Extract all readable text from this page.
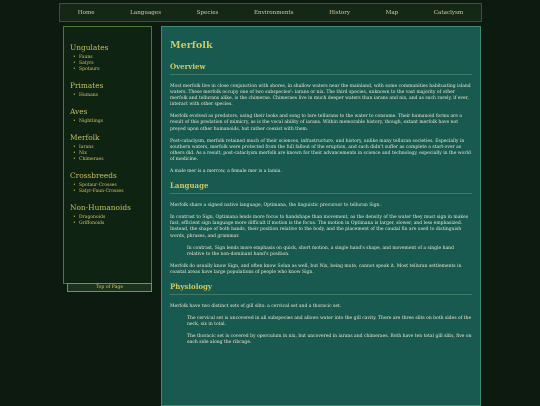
Home	Languages	Species	Environments	History	Map	Cataclysm
Ungulates
• Fauns
• Satyrs
• Spotaurs
Primates
• Humans
Aves
• Nightlings
Merfolk
• Iarans
• Nix
• Chimeraes
Crossbreeds
• Spotaur-Crosses
• Satyr-Faun-Crosses
Non-Humanoids
• Dragonoids
• Griffonoids
Top of Page
Merfolk
Overview

Most merfolk live in close conjunction with shores, in shallow waters near the mainland, with some communities habituating island waters. These merfolk occupy one of two subspecies¹: iarans or nix. The third species, unknown to the vast majority of other merfolk and tellurans alike, is the chimerae. Chimeraes live in much deeper waters than iarans and nix, and as such rarely, if ever, interact with other species.

Merfolk evolved as predators, using their looks and song to lure tellurans to the water to consume. Their humanoid forms are a result of this predation of mimicry, as is the vocal ability of iarans. Within memorable history, though, extant merfolk have not preyed upon other humanoids, but rather coexist with them.

Post-cataclysm, merfolk retained much of their sciences, infrastructure, and history, unlike many telluran societies. Especially in southern waters, merfolk were protected from the full fallout of the eruption, and such didn't suffer as complete a start-over as others did. As a result, post-cataclysm merfolk are known for their advancements in science and technology, especially in the world of medicine.

A male mer is a merrow, a female mer is a lamia.

Language

Merfolk share a signed native language, Optimana, the linguistic precursor to telluran Sign.

In contrast to Sign, Optimana lends more focus to handshape than movement, as the density of the water they must sign in makes fast, efficient sign language more difficult if motion is the focus. The motion in Optimana is larger, slower, and less emphasized. Instead, the shape of both hands, their position relative to the body, and the placement of the caudal fin are used to distinguish words, phrases, and grammar.

In contrast, Sign lends more emphasis on quick, short motion, a single hand's shape, and movement of a single hand relative to the non-dominant hand's position.

Merfolk do usually know Sign, and often know Solan as well, but Nix, being mute, cannot speak it. Most telluran settlements in coastal areas have large populations of people who know Sign.

Physiology

Merfolk have two distinct sets of gill slits: a cervical set and a thoracic set.

The cervical set is uncovered in all subspecies and allows water into the gill cavity. There are three slits on both sides of the neck, six in total.

The thoracic set is covered by operculum in nix, but uncovered in iarans and chimeraes. Both have ten total gill slits, five on each side along the ribcage.
